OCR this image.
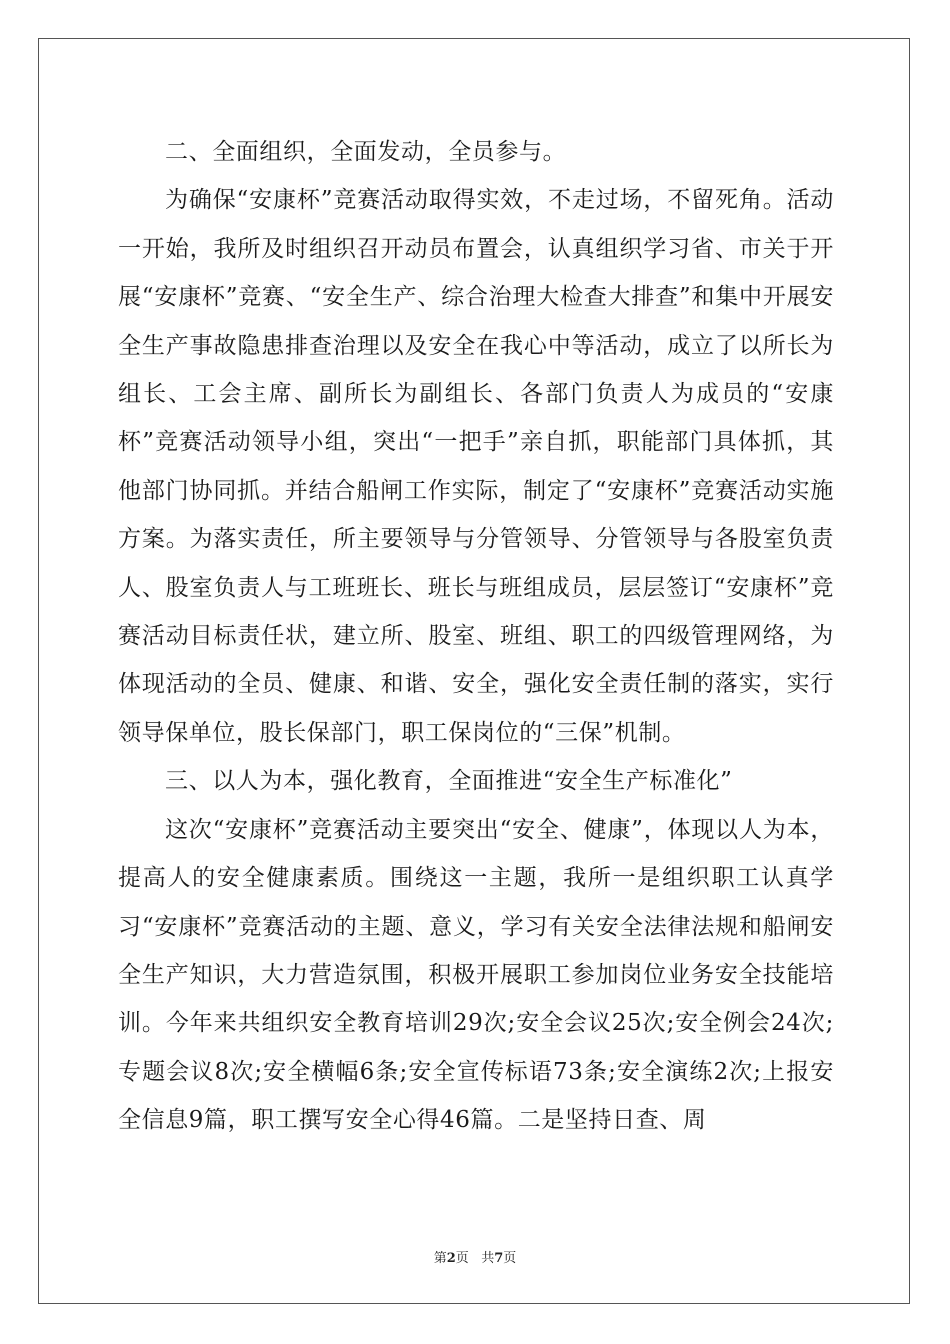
二、全面组织，全面发动，全员参与。

为确保“安康杯”竞赛活动取得实效，不走过场，不留死角。活动一开始，我所及时组织召开动员布置会，认真组织学习省、市关于开展“安康杯”竞赛、“安全生产、综合治理大检查大排查”和集中开展安全生产事故隐患排查治理以及安全在我心中等活动，成立了以所长为组长、工会主席、副所长为副组长、各部门负责人为成员的“安康杯”竞赛活动领导小组，突出“一把手”亲自抓，职能部门具体抓，其他部门协同抓。并结合船闸工作实际，制定了“安康杯”竞赛活动实施方案。为落实责任，所主要领导与分管领导、分管领导与各股室负责人、股室负责人与工班班长、班长与班组成员，层层签订“安康杯”竞赛活动目标责任状，建立所、股室、班组、职工的四级管理网络，为体现活动的全员、健康、和谐、安全，强化安全责任制的落实，实行领导保单位，股长保部门，职工保岗位的“三保”机制。

三、以人为本，强化教育，全面推进“安全生产标准化”

这次“安康杯”竞赛活动主要突出“安全、健康”，体现以人为本，提高人的安全健康素质。围绕这一主题，我所一是组织职工认真学习“安康杯”竞赛活动的主题、意义，学习有关安全法律法规和船闸安全生产知识，大力营造氛围，积极开展职工参加岗位业务安全技能培训。今年来共组织安全教育培训29次;安全会议25次;安全例会24次;专题会议8次;安全横幅6条;安全宣传标语73条;安全演练2次;上报安全信息9篇，职工撰写安全心得46篇。二是坚持日查、周

第2页 共7页
